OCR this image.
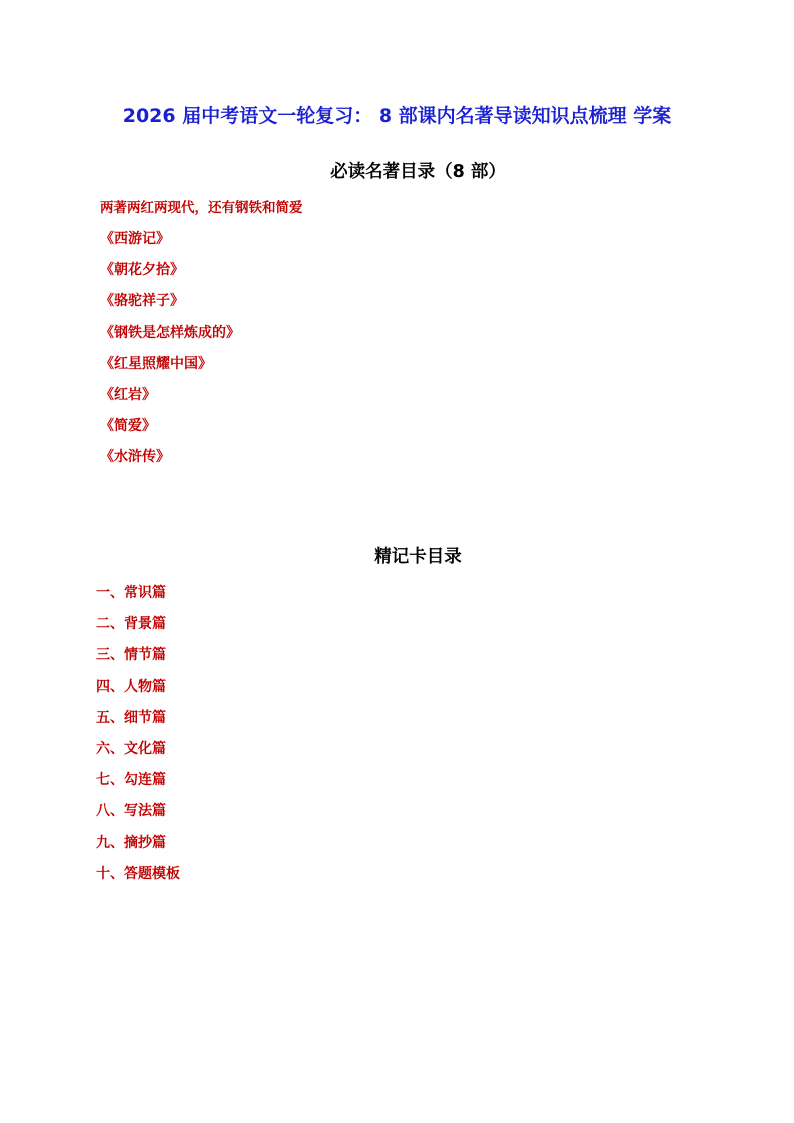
2026 届中考语文一轮复习： 8 部课内名著导读知识点梳理 学案
必读名著目录（8 部）
两著两红两现代，还有钢铁和简爱
《西游记》
《朝花夕拾》
《骆驼祥子》
《钢铁是怎样炼成的》
《红星照耀中国》
《红岩》
《简爱》
《水浒传》
精记卡目录
一、常识篇
二、背景篇
三、情节篇
四、人物篇
五、细节篇
六、文化篇
七、勾连篇
八、写法篇
九、摘抄篇
十、答题模板
